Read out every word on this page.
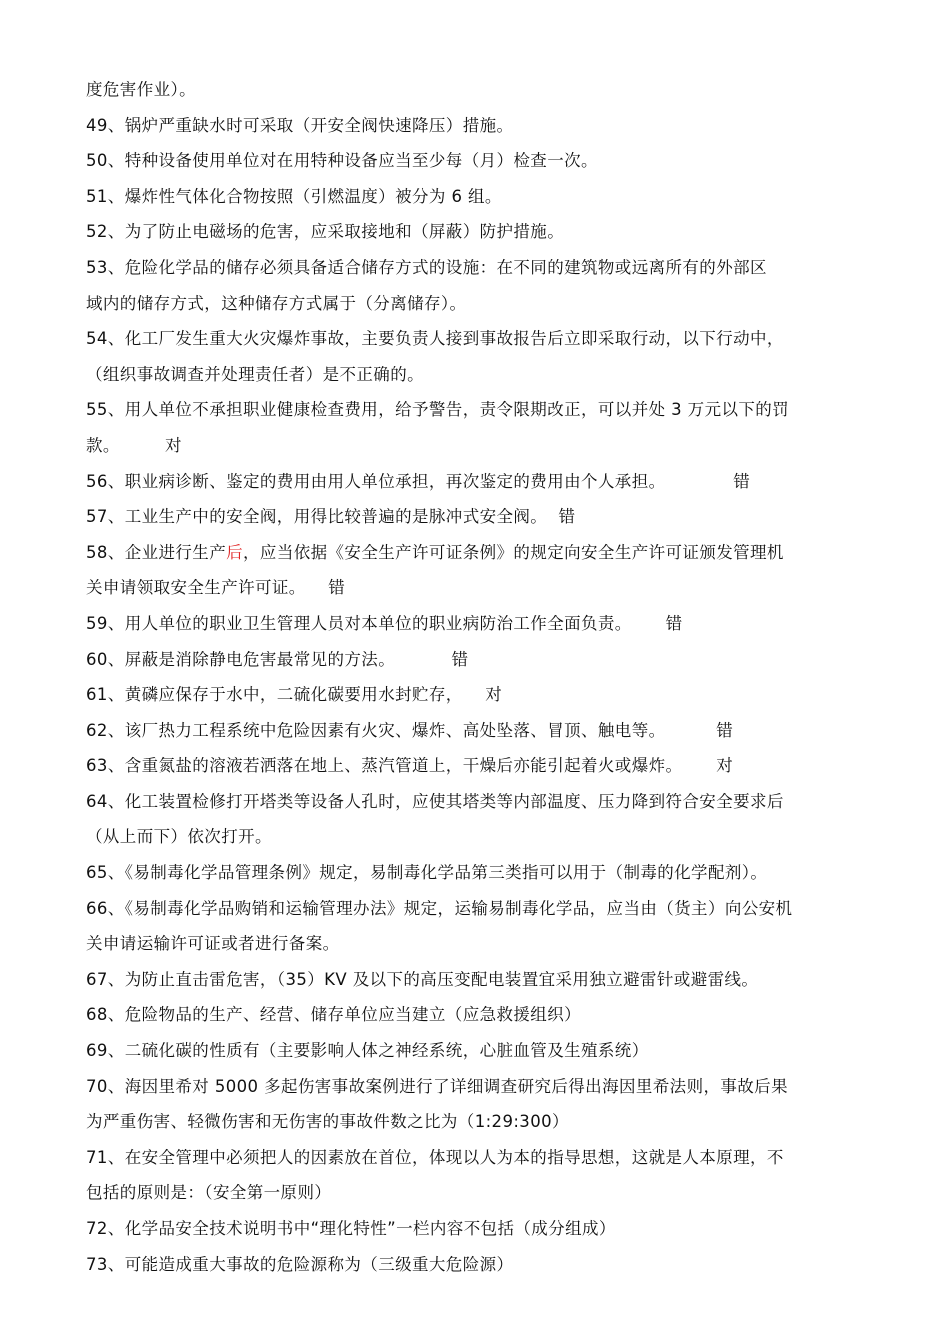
度危害作业）。
49、锅炉严重缺水时可采取（开安全阀快速降压）措施。
50、特种设备使用单位对在用特种设备应当至少每（月）检查一次。
51、爆炸性气体化合物按照（引燃温度）被分为 6 组。
52、为了防止电磁场的危害，应采取接地和（屏蔽）防护措施。
53、危险化学品的储存必须具备适合储存方式的设施：在不同的建筑物或远离所有的外部区
域内的储存方式，这种储存方式属于（分离储存）。
54、化工厂发生重大火灾爆炸事故，主要负责人接到事故报告后立即采取行动，以下行动中，
（组织事故调查并处理责任者）是不正确的。
55、用人单位不承担职业健康检查费用，给予警告，责令限期改正，可以并处 3 万元以下的罚
款。        对
56、职业病诊断、鉴定的费用由用人单位承担，再次鉴定的费用由个人承担。            错
57、工业生产中的安全阀，用得比较普遍的是脉冲式安全阀。  错
58、企业进行生产后，应当依据《安全生产许可证条例》的规定向安全生产许可证颁发管理机
关申请领取安全生产许可证。    错
59、用人单位的职业卫生管理人员对本单位的职业病防治工作全面负责。      错
60、屏蔽是消除静电危害最常见的方法。          错
61、黄磷应保存于水中，二硫化碳要用水封贮存，    对
62、该厂热力工程系统中危险因素有火灾、爆炸、高处坠落、冒顶、触电等。         错
63、含重氮盐的溶液若洒落在地上、蒸汽管道上，干燥后亦能引起着火或爆炸。      对
64、化工装置检修打开塔类等设备人孔时，应使其塔类等内部温度、压力降到符合安全要求后
（从上而下）依次打开。
65、《易制毒化学品管理条例》规定，易制毒化学品第三类指可以用于（制毒的化学配剂）。
66、《易制毒化学品购销和运输管理办法》规定，运输易制毒化学品，应当由（货主）向公安机
关申请运输许可证或者进行备案。
67、为防止直击雷危害，（35）KV 及以下的高压变配电装置宜采用独立避雷针或避雷线。
68、危险物品的生产、经营、储存单位应当建立（应急救援组织）
69、二硫化碳的性质有（主要影响人体之神经系统，心脏血管及生殖系统）
70、海因里希对 5000 多起伤害事故案例进行了详细调查研究后得出海因里希法则，事故后果
为严重伤害、轻微伤害和无伤害的事故件数之比为（1:29:300）
71、在安全管理中必须把人的因素放在首位，体现以人为本的指导思想，这就是人本原理，不
包括的原则是：（安全第一原则）
72、化学品安全技术说明书中“理化特性”一栏内容不包括（成分组成）
73、可能造成重大事故的危险源称为（三级重大危险源）
